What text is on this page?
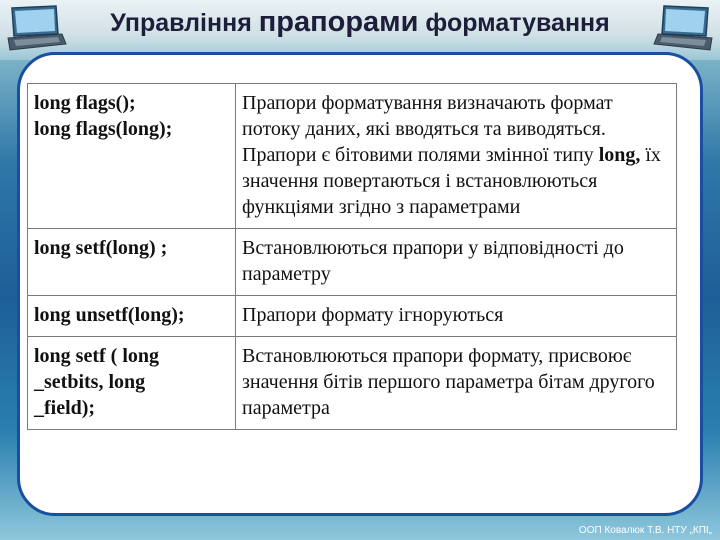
Управління прапорами форматування
long flags();
long flags(long);	Прапори форматування визначають формат потоку даних, які вводяться та виводяться. Прапори є бітовими полями змінної типу long, їх значення повертаються і встановлюються функціями згідно з параметрами

long setf(long) ;	Встановлюються прапори у відповідності до параметру

long unsetf(long);	Прапори формату ігноруються

long setf ( long
_setbits, long
_field);	Встановлюються прапори формату, присвоює значення бітів першого параметра бітам другого параметра
ООП Ковалюк Т.В. НТУ „КПІ„
